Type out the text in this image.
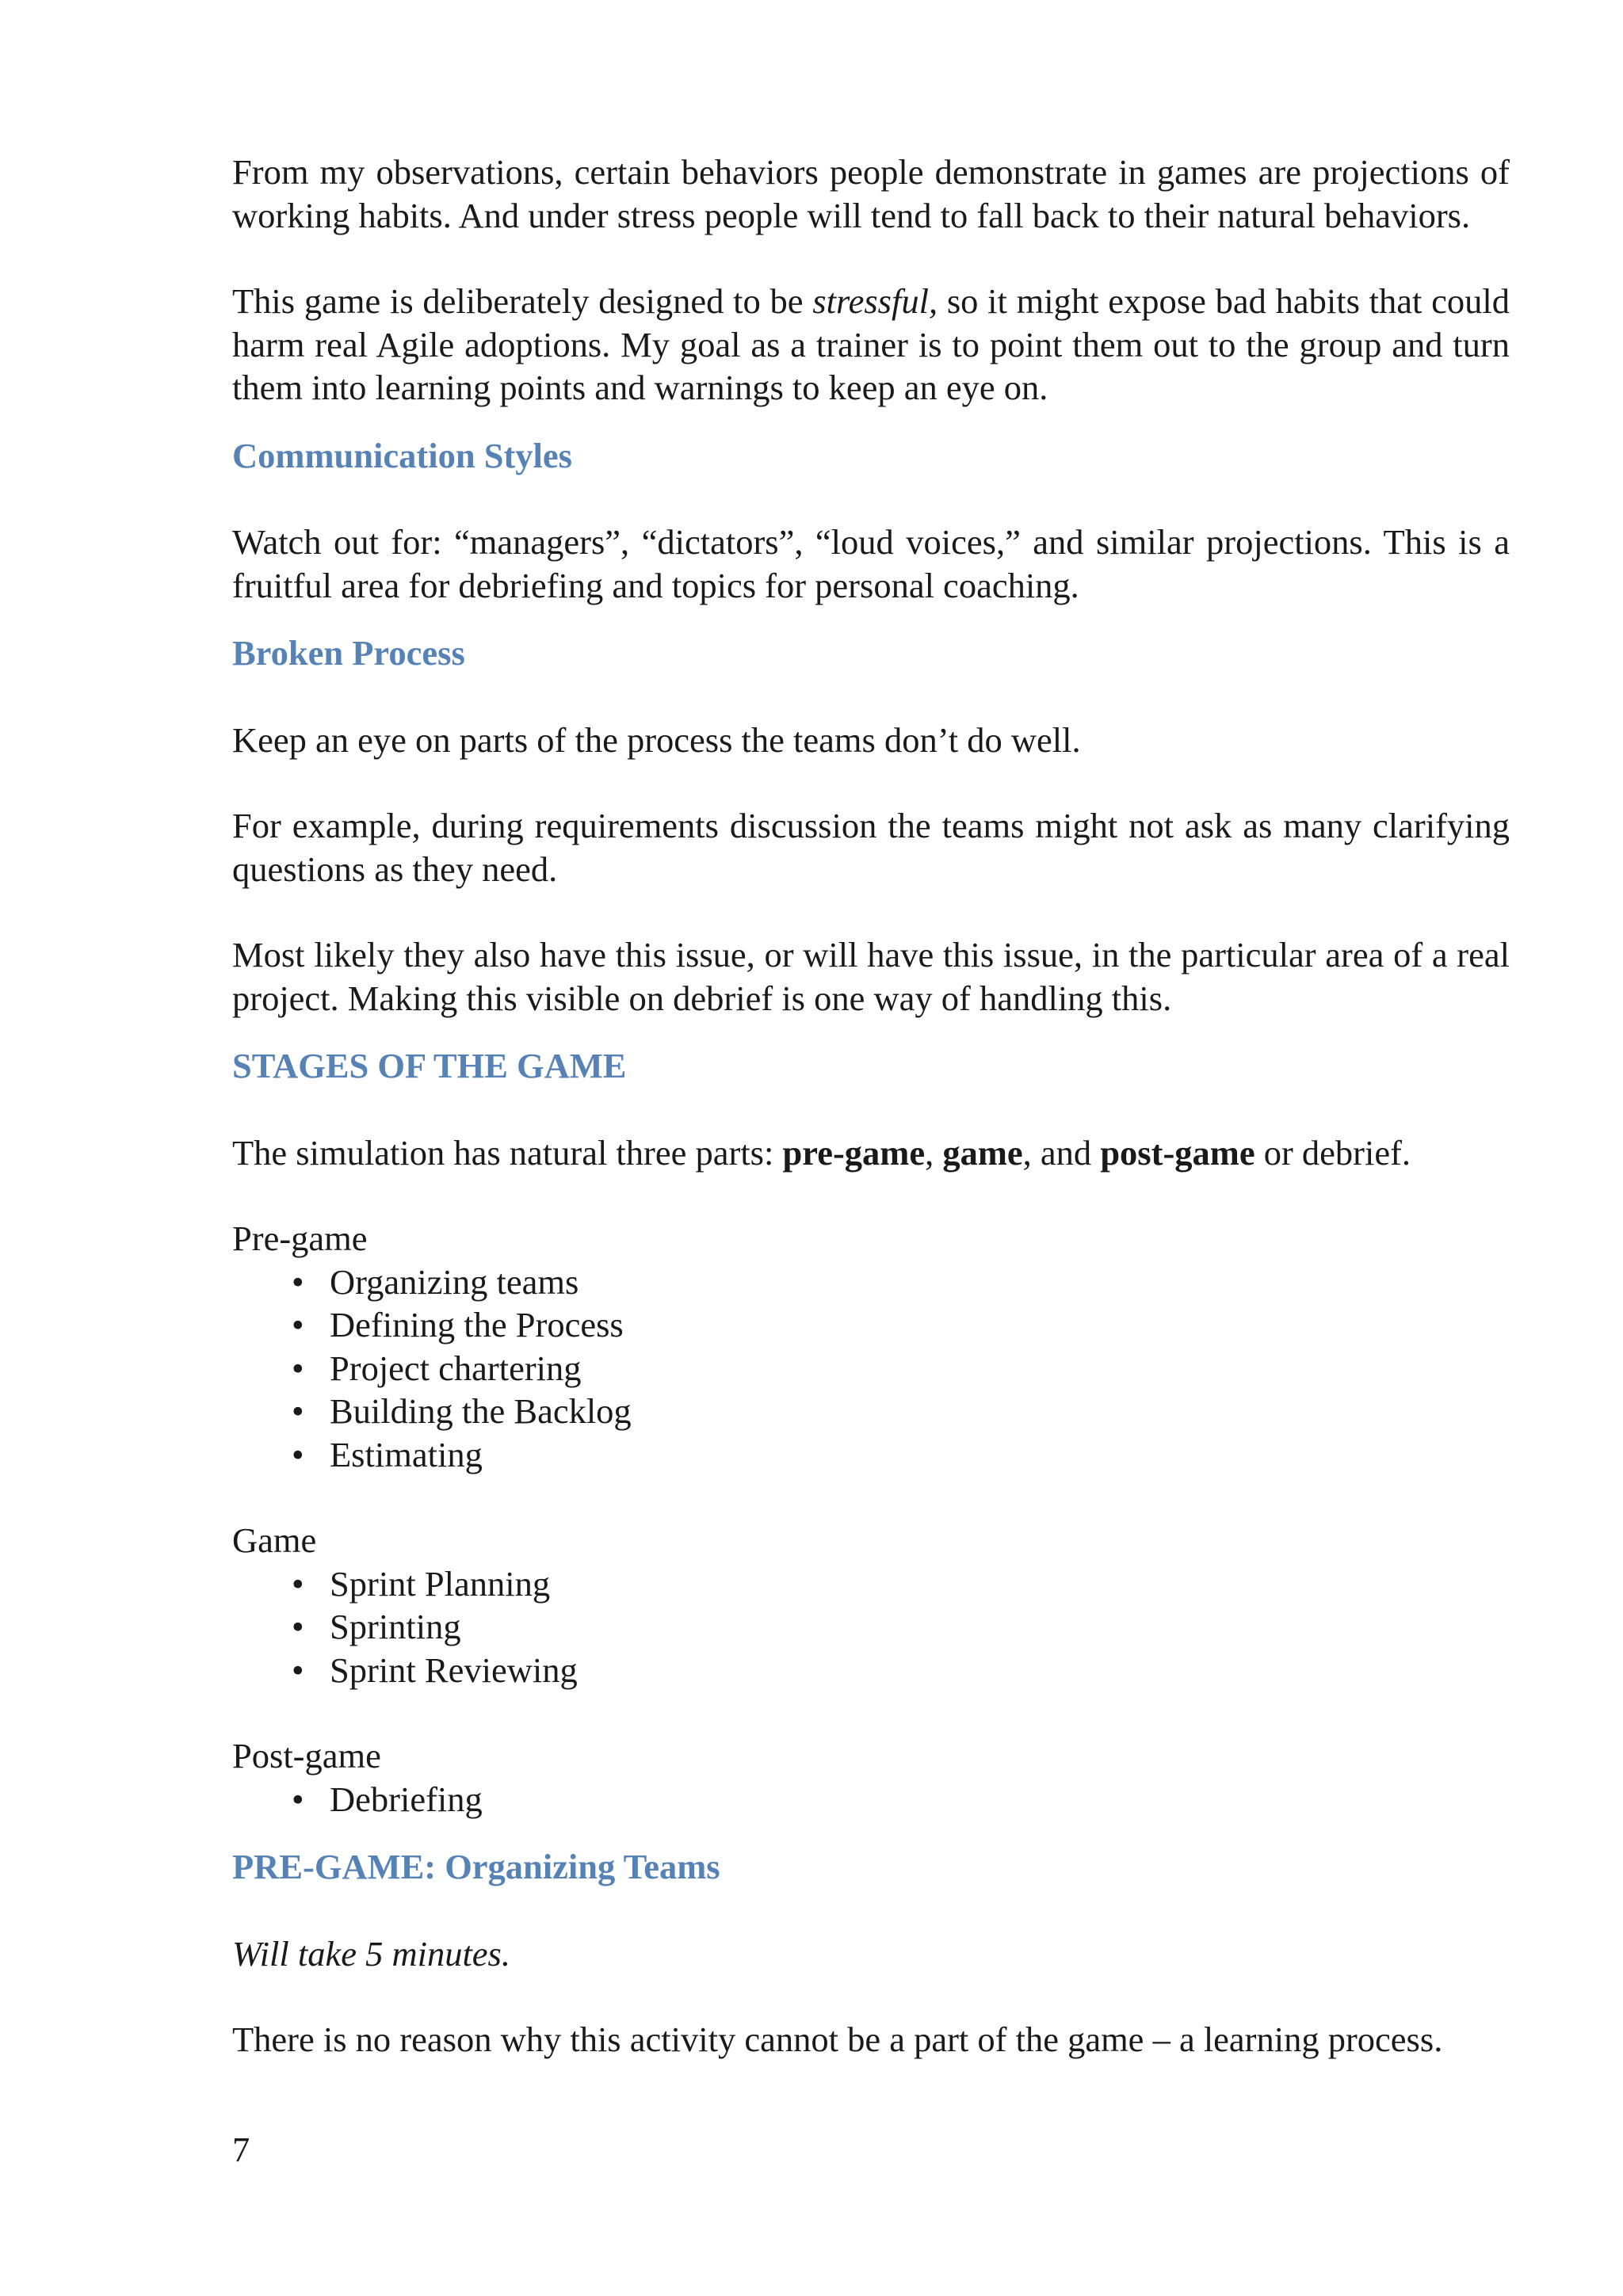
From my observations, certain behaviors people demonstrate in games are projections of working habits. And under stress people will tend to fall back to their natural behaviors.

This game is deliberately designed to be stressful, so it might expose bad habits that could harm real Agile adoptions. My goal as a trainer is to point them out to the group and turn them into learning points and warnings to keep an eye on.

Communication Styles

Watch out for: “managers”, “dictators”, “loud voices,” and similar projections. This is a fruitful area for debriefing and topics for personal coaching.

Broken Process

Keep an eye on parts of the process the teams don’t do well.

For example, during requirements discussion the teams might not ask as many clarifying questions as they need.

Most likely they also have this issue, or will have this issue, in the particular area of a real project. Making this visible on debrief is one way of handling this.

STAGES OF THE GAME

The simulation has natural three parts: pre-game, game, and post-game or debrief.

Pre-game

• Organizing teams
• Defining the Process
• Project chartering
• Building the Backlog
• Estimating

Game

• Sprint Planning
• Sprinting
• Sprint Reviewing

Post-game

• Debriefing
PRE-GAME: Organizing Teams

Will take 5 minutes.

There is no reason why this activity cannot be a part of the game – a learning process.

7
